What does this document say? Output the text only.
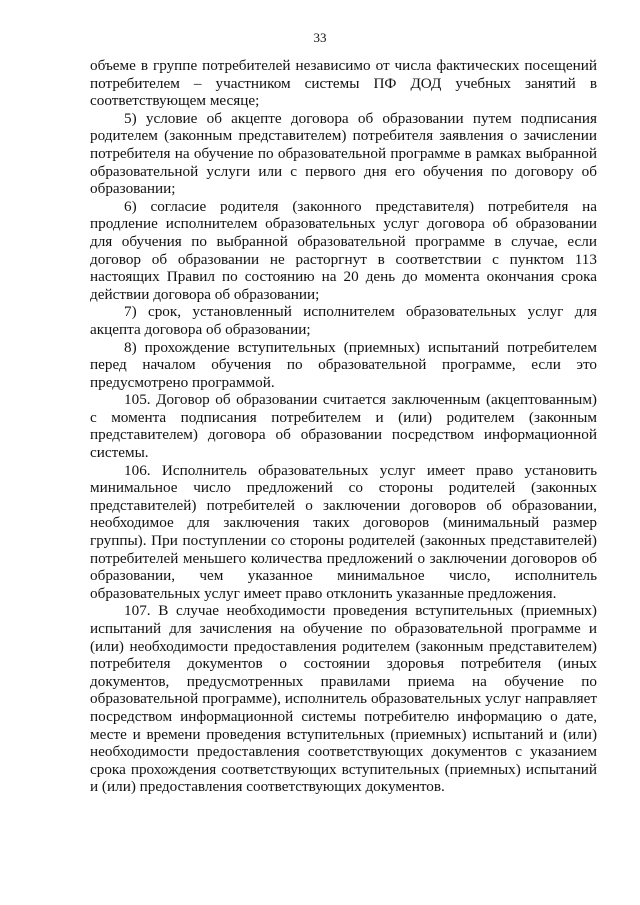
33

объеме в группе потребителей независимо от числа фактических посещений потребителем – участником системы ПФ ДОД учебных занятий в соответствующем месяце;

5) условие об акцепте договора об образовании путем подписания родителем (законным представителем) потребителя заявления о зачислении потребителя на обучение по образовательной программе в рамках выбранной образовательной услуги или с первого дня его обучения по договору об образовании;

6) согласие родителя (законного представителя) потребителя на продление исполнителем образовательных услуг договора об образовании для обучения по выбранной образовательной программе в случае, если договор об образовании не расторгнут в соответствии с пунктом 113 настоящих Правил по состоянию на 20 день до момента окончания срока действии договора об образовании;

7) срок, установленный исполнителем образовательных услуг для акцепта договора об образовании;

8) прохождение вступительных (приемных) испытаний потребителем перед началом обучения по образовательной программе, если это предусмотрено программой.

105. Договор об образовании считается заключенным (акцептованным) с момента подписания потребителем и (или) родителем (законным представителем) договора об образовании посредством информационной системы.

106. Исполнитель образовательных услуг имеет право установить минимальное число предложений со стороны родителей (законных представителей) потребителей о заключении договоров об образовании, необходимое для заключения таких договоров (минимальный размер группы). При поступлении со стороны родителей (законных представителей) потребителей меньшего количества предложений о заключении договоров об образовании, чем указанное минимальное число, исполнитель образовательных услуг имеет право отклонить указанные предложения.

107. В случае необходимости проведения вступительных (приемных) испытаний для зачисления на обучение по образовательной программе и (или) необходимости предоставления родителем (законным представителем) потребителя документов о состоянии здоровья потребителя (иных документов, предусмотренных правилами приема на обучение по образовательной программе), исполнитель образовательных услуг направляет посредством информационной системы потребителю информацию о дате, месте и времени проведения вступительных (приемных) испытаний и (или) необходимости предоставления соответствующих документов с указанием срока прохождения соответствующих вступительных (приемных) испытаний и (или) предоставления соответствующих документов.
